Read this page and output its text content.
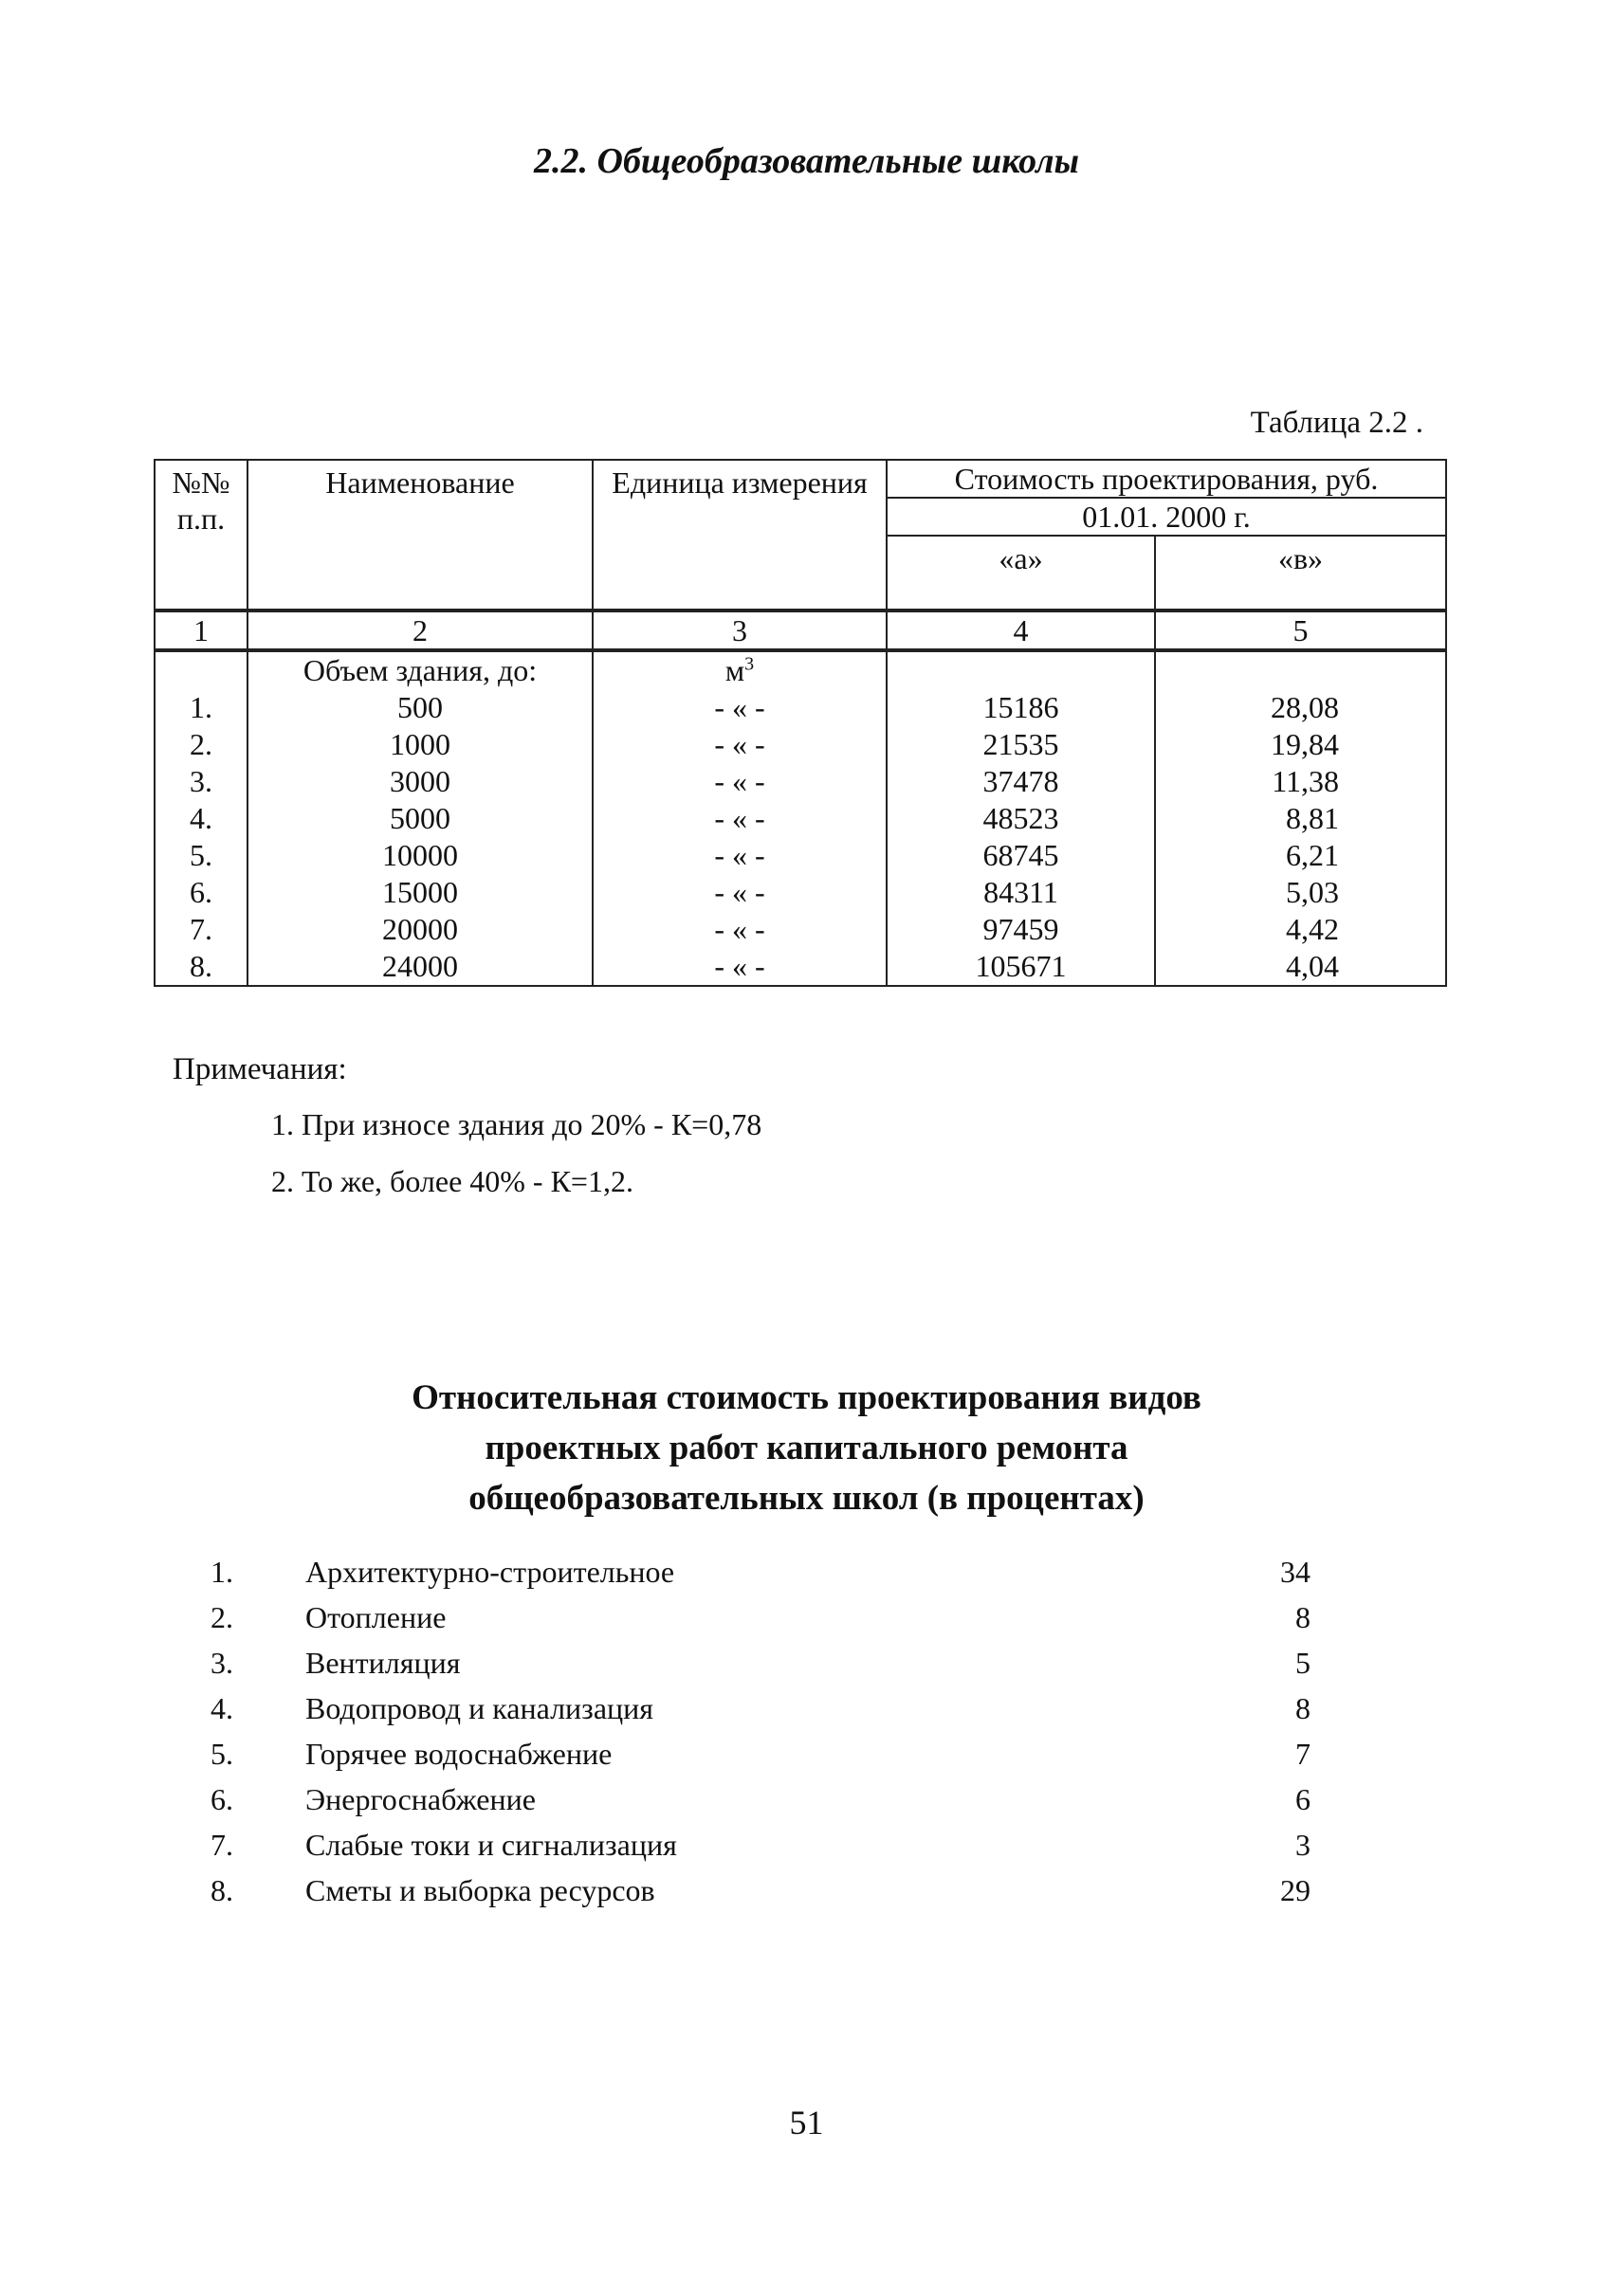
2.2. Общеобразовательные школы
Таблица 2.2 .
№№ п.п.	Наименование	Единица измерения	Стоимость проектирования, руб.	
			01.01. 2000 г.	
			«а»	«в»
1	2	3	4	5
	Объем здания, до:	$м^3$		
1.	500	- « -	15186	28,08
2.	1000	- « -	21535	19,84
3.	3000	- « -	37478	11,38
4.	5000	- « -	48523	8,81
5.	10000	- « -	68745	6,21
6.	15000	- « -	84311	5,03
7.	20000	- « -	97459	4,42
8.	24000	- « -	105671	4,04
Примечания:
1. При износе здания до 20% - К=0,78
2. То же, более 40% - К=1,2.
Относительная стоимость проектирования видов
проектных работ капитального ремонта
общеобразовательных школ (в процентах)
1. Архитектурно-строительное	34
2. Отопление	8
3. Вентиляция	5
4. Водопровод и канализация	8
5. Горячее водоснабжение	7
6. Энергоснабжение	6
7. Слабые токи и сигнализация	3
8. Сметы и выборка ресурсов	29
51
